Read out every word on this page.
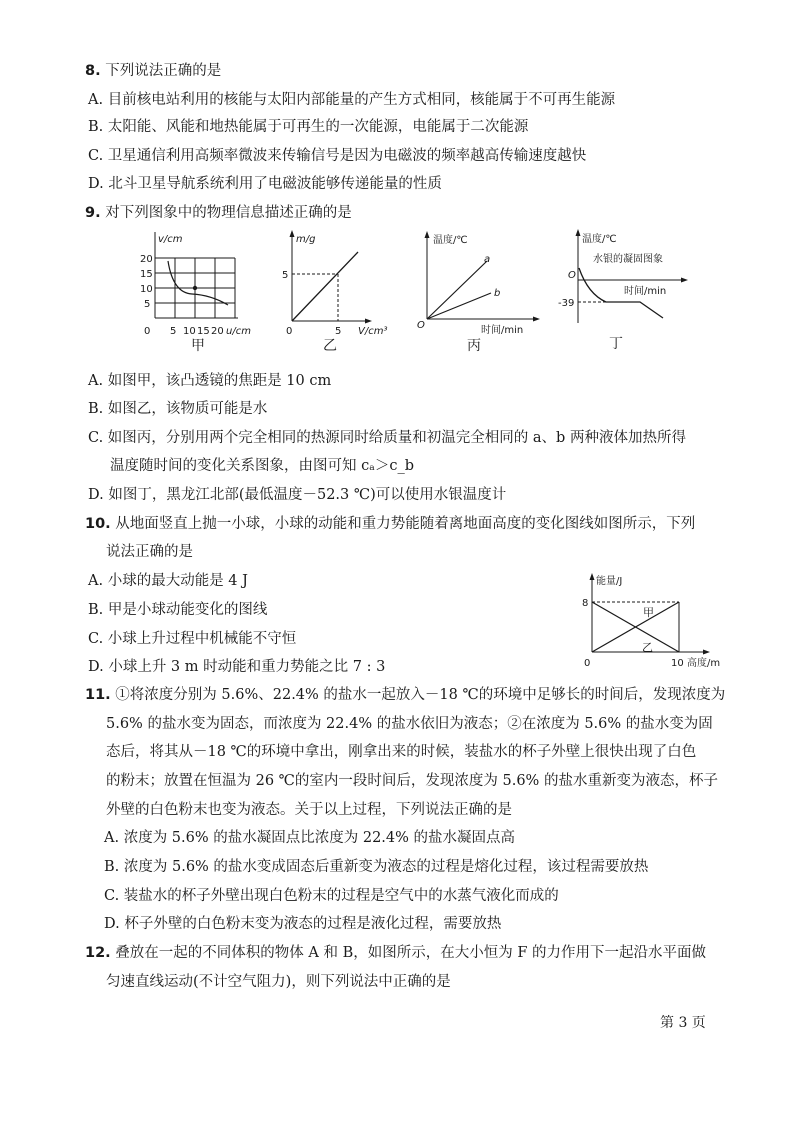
8. 下列说法正确的是
A. 目前核电站利用的核能与太阳内部能量的产生方式相同，核能属于不可再生能源
B. 太阳能、风能和地热能属于可再生的一次能源，电能属于二次能源
C. 卫星通信利用高频率微波来传输信号是因为电磁波的频率越高传输速度越快
D. 北斗卫星导航系统利用了电磁波能够传递能量的性质
9. 对下列图象中的物理信息描述正确的是
v/cm
20
15
10
5
0 5 10 15 20 u/cm
甲
m/g
5
0	5 V/cm³
乙
温度/℃
O
a
b
时间/min
丙
温度/℃
水银的凝固图象
O
时间/min
-39
丁
A. 如图甲，该凸透镜的焦距是 10 cm
B. 如图乙，该物质可能是水
C. 如图丙，分别用两个完全相同的热源同时给质量和初温完全相同的 a、b 两种液体加热所得
温度随时间的变化关系图象，由图可知 cₐ＞c_b
D. 如图丁，黑龙江北部(最低温度－52.3 ℃)可以使用水银温度计
10. 从地面竖直上抛一小球，小球的动能和重力势能随着离地面高度的变化图线如图所示，下列
说法正确的是
A. 小球的最大动能是 4 J
B. 甲是小球动能变化的图线
C. 小球上升过程中机械能不守恒
D. 小球上升 3 m 时动能和重力势能之比 7 : 3
能量/J
8
0	10 高度/m
甲
乙
11. ①将浓度分别为 5.6%、22.4% 的盐水一起放入－18 ℃的环境中足够长的时间后，发现浓度为
5.6% 的盐水变为固态，而浓度为 22.4% 的盐水依旧为液态；②在浓度为 5.6% 的盐水变为固
态后，将其从－18 ℃的环境中拿出，刚拿出来的时候，装盐水的杯子外壁上很快出现了白色
的粉末；放置在恒温为 26 ℃的室内一段时间后，发现浓度为 5.6% 的盐水重新变为液态，杯子
外壁的白色粉末也变为液态。关于以上过程，下列说法正确的是
A. 浓度为 5.6% 的盐水凝固点比浓度为 22.4% 的盐水凝固点高
B. 浓度为 5.6% 的盐水变成固态后重新变为液态的过程是熔化过程，该过程需要放热
C. 装盐水的杯子外壁出现白色粉末的过程是空气中的水蒸气液化而成的
D. 杯子外壁的白色粉末变为液态的过程是液化过程，需要放热
12. 叠放在一起的不同体积的物体 A 和 B，如图所示，在大小恒为 F 的力作用下一起沿水平面做
匀速直线运动(不计空气阻力)，则下列说法中正确的是
第 3 页
